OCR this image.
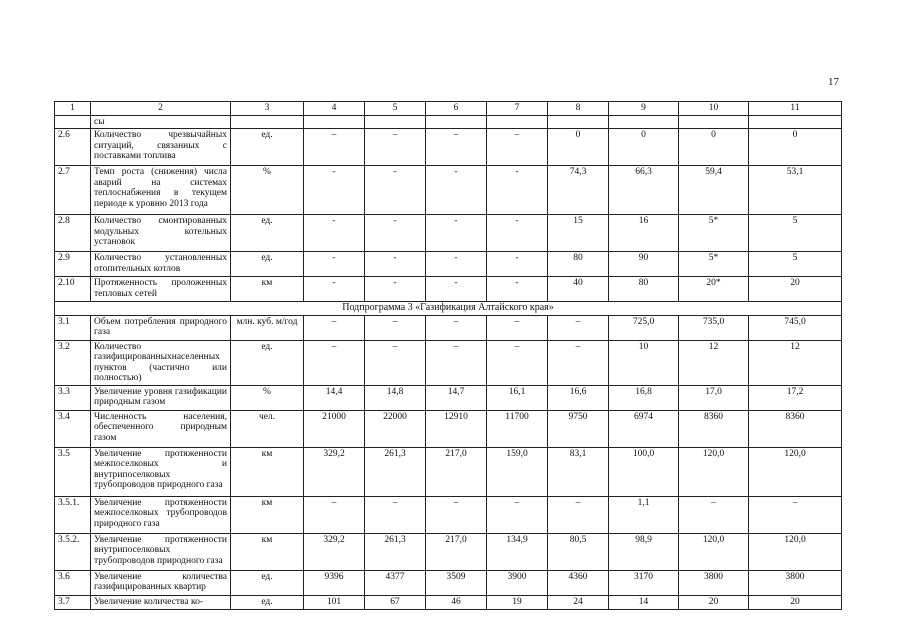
17
1	2	3	4	5	6	7	8	9	10	11
	сы									
2.6	Количество чрезвычайных ситуаций, связанных с поставками топлива	ед.	–	–	–	–	0	0	0	0
2.7	Темп роста (снижения) числа аварий на системах теплоснабжения в текущем периоде к уровню 2013 года	%	-	-	-	-	74,3	66,3	59,4	53,1
2.8	Количество смонтированных модульных котельных установок	ед.	-	-	-	-	15	16	5*	5
2.9	Количество установленных отопительных котлов	ед.	-	-	-	-	80	90	5*	5
2.10	Протяженность проложенных тепловых сетей	км	-	-	-	-	40	80	20*	20
Подпрограмма 3 «Газификация Алтайского края»										
3.1	Объем потребления природного газа	млн. куб. м/год	–	–	–	–	–	725,0	735,0	745,0
3.2	Количество газифицированныхнаселенных пунктов (частично или полностью)	ед.	–	–	–	–	–	10	12	12
3.3	Увеличение уровня газификации природным газом	%	14,4	14,8	14,7	16,1	16,6	16,8	17,0	17,2
3.4	Численность населения, обеспеченного природным газом	чел.	21000	22000	12910	11700	9750	6974	8360	8360
3.5	Увеличение протяженности межпоселковых и внутрипоселковых трубопроводов природного газа	км	329,2	261,3	217,0	159,0	83,1	100,0	120,0	120,0
3.5.1.	Увеличение протяженности межпоселковых трубопроводов природного газа	км	–	–	–	–	–	1,1	–	–
3.5.2.	Увеличение протяженности внутрипоселковых трубопроводов природного газа	км	329,2	261,3	217,0	134,9	80,5	98,9	120,0	120,0
3.6	Увеличение количества газифицированных квартир	ед.	9396	4377	3509	3900	4360	3170	3800	3800
3.7	Увеличение количества ко-	ед.	101	67	46	19	24	14	20	20
